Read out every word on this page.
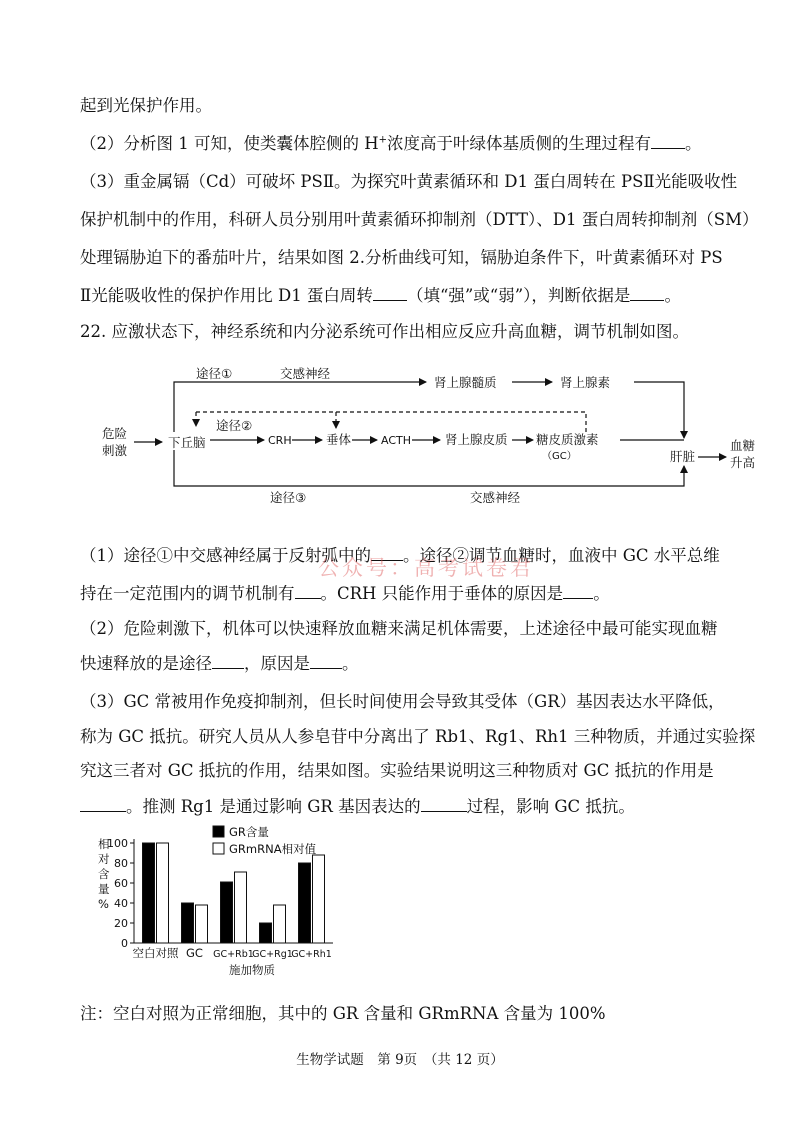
起到光保护作用。
（2）分析图 1 可知，使类囊体腔侧的 H+浓度高于叶绿体基质侧的生理过程有 。
（3）重金属镉（Cd）可破坏 PSⅡ。为探究叶黄素循环和 D1 蛋白周转在 PSⅡ光能吸收性
保护机制中的作用，科研人员分别用叶黄素循环抑制剂（DTT）、D1 蛋白周转抑制剂（SM）
处理镉胁迫下的番茄叶片，结果如图 2.分析曲线可知，镉胁迫条件下，叶黄素循环对 PS
Ⅱ光能吸收性的保护作用比 D1 蛋白周转 （填“强”或“弱”），判断依据是 。
22. 应激状态下，神经系统和内分泌系统可作出相应反应升高血糖，调节机制如图。
危险
刺激
下丘脑
途径①	交感神经
肾上腺髓质	肾上腺素
途径②
CRH	垂体	ACTH	肾上腺皮质 糖皮质激素
（GC）	肝脏
血糖
升高
途径③	交感神经
（1）途径①中交感神经属于反射弧中的 。途径②调节血糖时，血液中 GC 水平总维
公众号：高考试卷君
持在一定范围内的调节机制有 。CRH 只能作用于垂体的原因是 。
（2）危险刺激下，机体可以快速释放血糖来满足机体需要，上述途径中最可能实现血糖
快速释放的是途径 ，原因是 。
（3）GC 常被用作免疫抑制剂，但长时间使用会导致其受体（GR）基因表达水平降低，
称为 GC 抵抗。研究人员从人参皂苷中分离出了 Rb1、Rg1、Rh1 三种物质，并通过实验探
究这三者对 GC 抵抗的作用，结果如图。实验结果说明这三种物质对 GC 抵抗的作用是
。推测 Rg1 是通过影响 GR 基因表达的	过程，影响 GC 抵抗。
相
对
含
量
%
0
20
40
60
80
100
空白对照 GC GC+Rb1
GC+Rg1
GC+Rh1
GR含量
GRmRNA相对值
施加物质
注：空白对照为正常细胞，其中的 GR 含量和 GRmRNA 含量为 100%
生物学试题　第 9页　（共 12 页）
